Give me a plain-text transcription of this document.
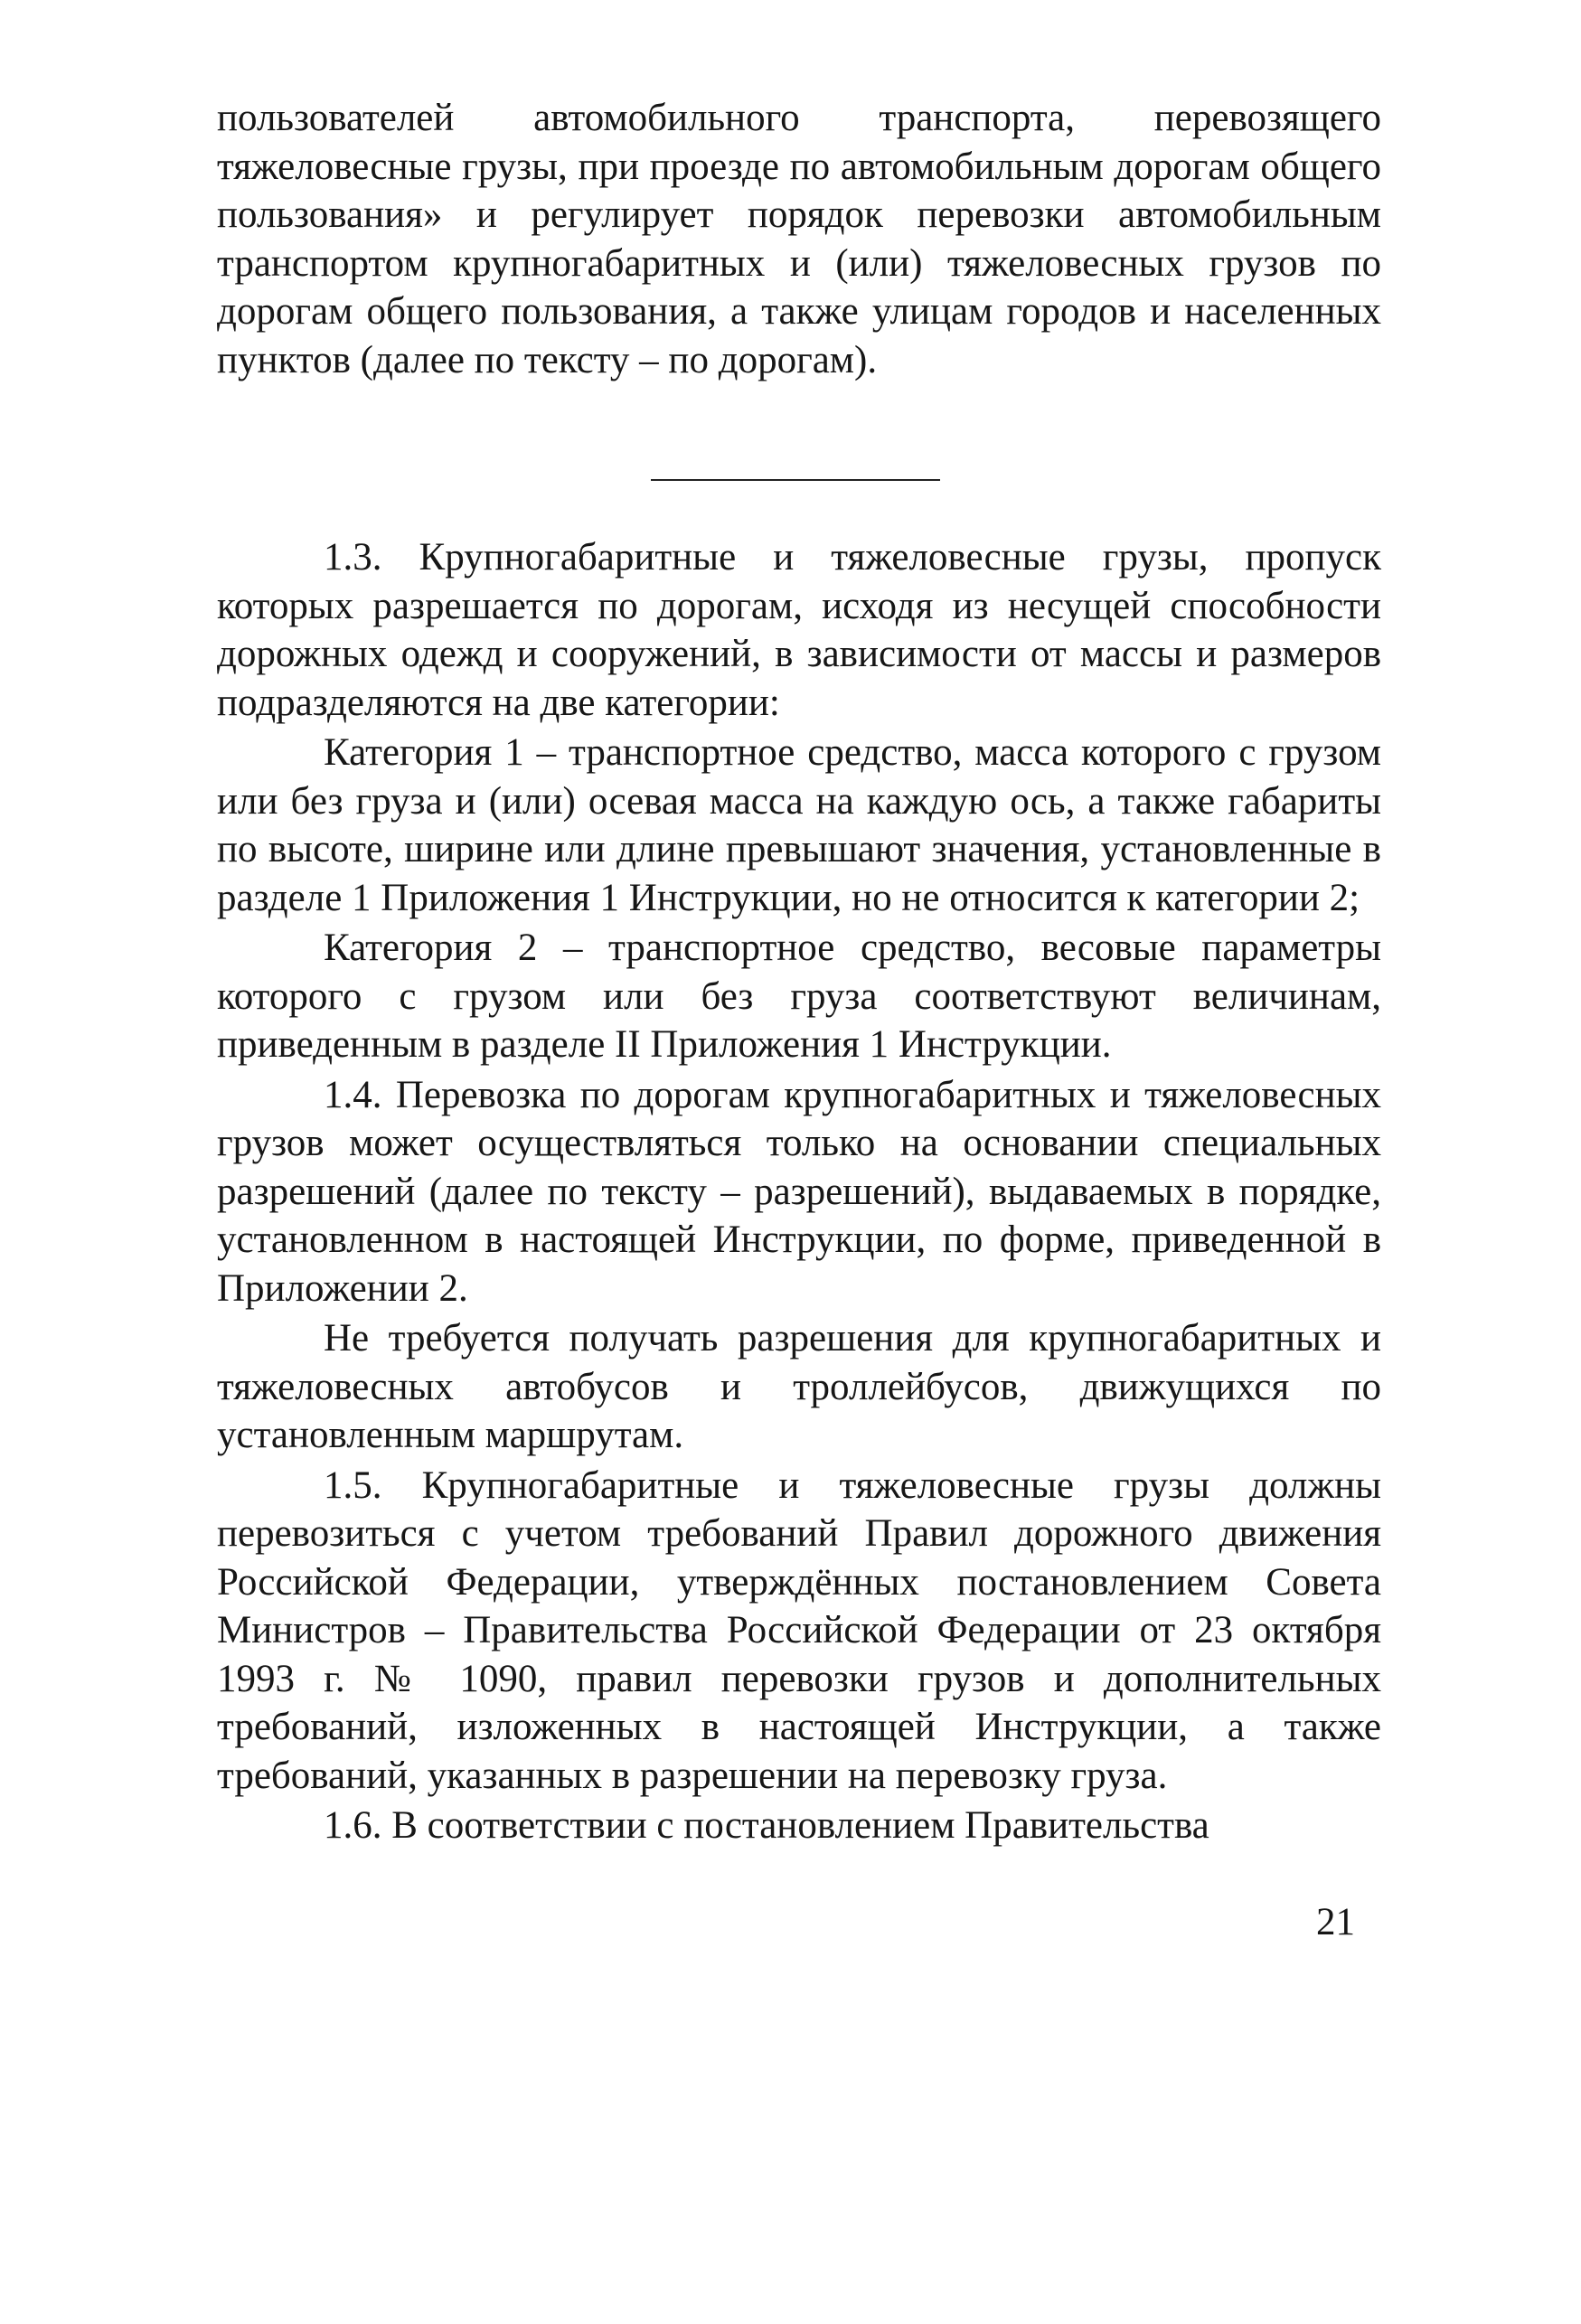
пользователей автомобильного транспорта, перевозящего тяжеловесные грузы, при проезде по автомобильным дорогам общего пользования» и регулирует порядок перевозки автомобильным транспортом крупногабаритных и (или) тяжеловесных грузов по дорогам общего пользования, а также улицам городов и населенных пунктов (далее по тексту – по дорогам).

1.3. Крупногабаритные и тяжеловесные грузы, пропуск которых разрешается по дорогам, исходя из несущей способности дорожных одежд и сооружений, в зависимости от массы и размеров подразделяются на две категории:

Категория 1 – транспортное средство, масса которого с грузом или без груза и (или) осевая масса на каждую ось, а также габариты по высоте, ширине или длине превышают значения, установленные в разделе 1 Приложения 1 Инструкции, но не относится к категории 2;

Категория 2 – транспортное средство, весовые параметры которого с грузом или без груза соответствуют величинам, приведенным в разделе II Приложения 1 Инструкции.

1.4. Перевозка по дорогам крупногабаритных и тяжеловесных грузов может осуществляться только на основании специальных разрешений (далее по тексту – разрешений), выдаваемых в порядке, установленном в настоящей Инструкции, по форме, приведенной в Приложении 2.

Не требуется получать разрешения для крупногабаритных и тяжеловесных автобусов и троллейбусов, движущихся по установленным маршрутам.

1.5. Крупногабаритные и тяжеловесные грузы должны перевозиться с учетом требований Правил дорожного движения Российской Федерации, утверждённых постановлением Совета Министров – Правительства Российской Федерации от 23 октября 1993 г. № 1090, правил перевозки грузов и дополнительных требований, изложенных в настоящей Инструкции, а также требований, указанных в разрешении на перевозку груза.

1.6. В соответствии с постановлением Правительства

21
